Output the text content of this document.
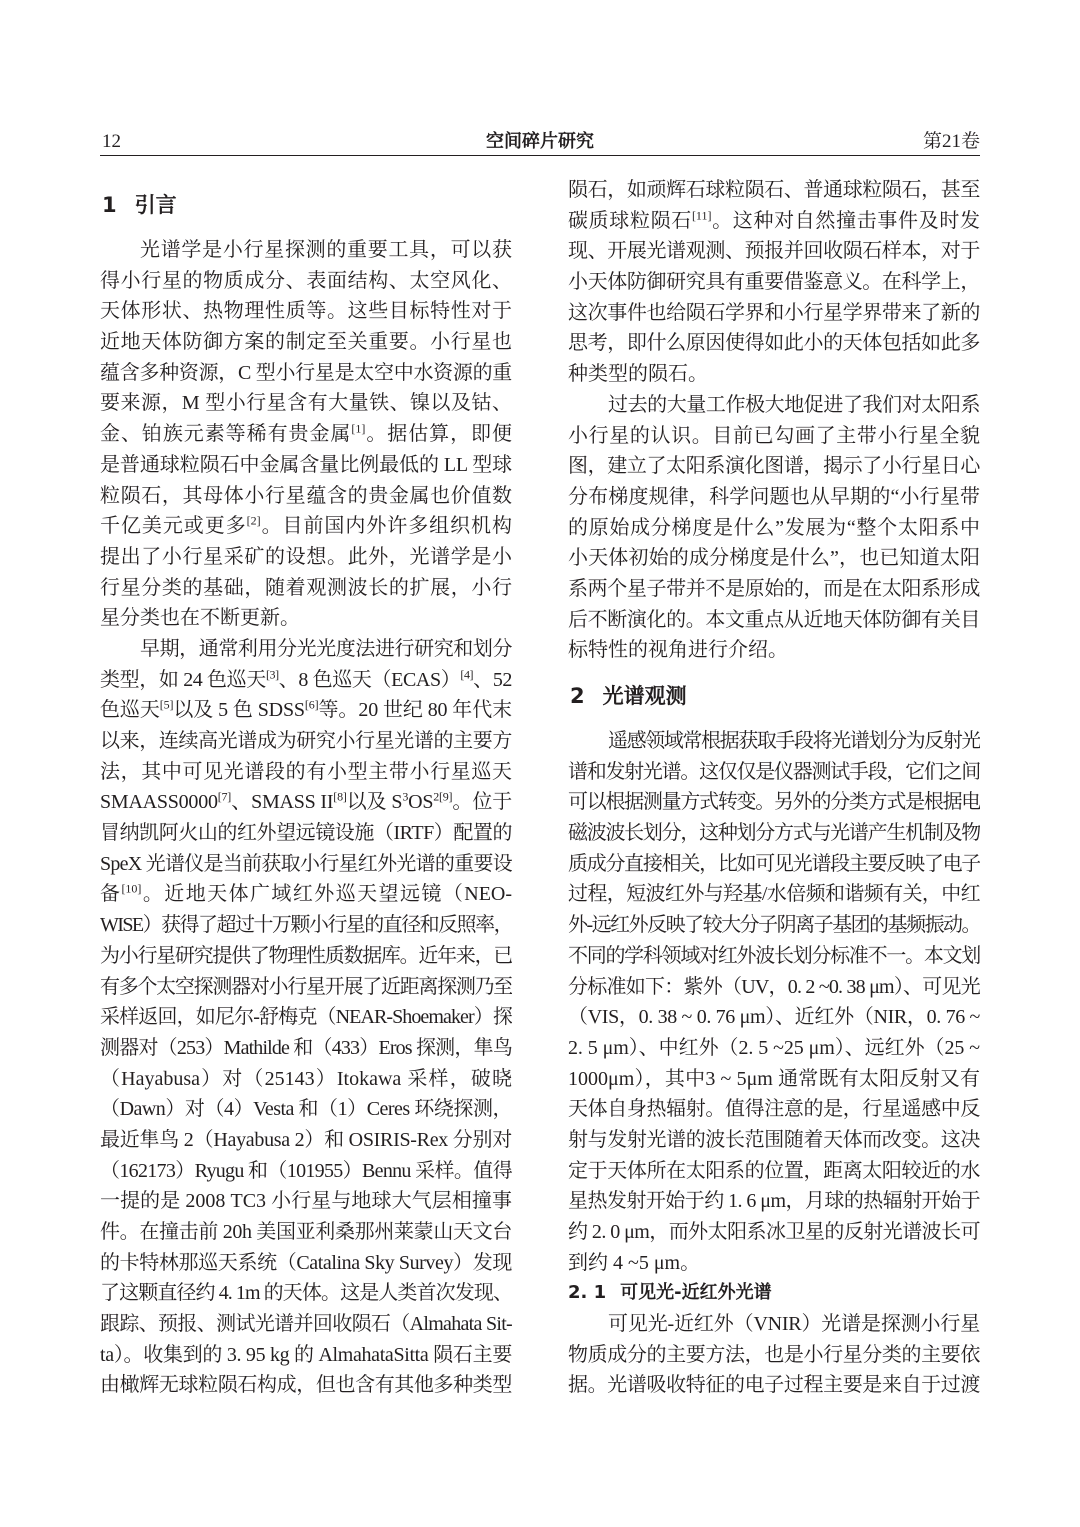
12	空间碎片研究	第21卷
1 引言
光谱学是小行星探测的重要工具，可以获
得小行星的物质成分、表面结构、太空风化、
天体形状、热物理性质等。这些目标特性对于
近地天体防御方案的制定至关重要。小行星也
蕴含多种资源，C 型小行星是太空中水资源的重
要来源，M 型小行星含有大量铁、镍以及钴、
金、铂族元素等稀有贵金属[1]。据估算，即便
是普通球粒陨石中金属含量比例最低的 LL 型球
粒陨石，其母体小行星蕴含的贵金属也价值数
千亿美元或更多[2]。目前国内外许多组织机构
提出了小行星采矿的设想。此外，光谱学是小
行星分类的基础，随着观测波长的扩展，小行
星分类也在不断更新。
早期，通常利用分光光度法进行研究和划分
类型，如 24 色巡天[3]、8 色巡天（ECAS）[4]、52
色巡天[5]以及 5 色 SDSS[6]等。20 世纪 80 年代末
以来，连续高光谱成为研究小行星光谱的主要方
法，其中可见光谱段的有小型主带小行星巡天
SMAASS0000[7]、SMASS II[8]以及 S$^3$OS$^{2[9]}$。位于
冒纳凯阿火山的红外望远镜设施（IRTF）配置的
SpeX 光谱仪是当前获取小行星红外光谱的重要设
备[10]。近地天体广域红外巡天望远镜（NEO-
WISE）获得了超过十万颗小行星的直径和反照率，
为小行星研究提供了物理性质数据库。近年来，已
有多个太空探测器对小行星开展了近距离探测乃至
采样返回，如尼尔-舒梅克（NEAR-Shoemaker）探
测器对（253）Mathilde 和（433）Eros 探测，隼鸟
（Hayabusa）对（25143）Itokawa 采样，破晓
（Dawn）对（4）Vesta 和（1）Ceres 环绕探测，
最近隼鸟 2（Hayabusa 2）和 OSIRIS-Rex 分别对
（162173）Ryugu 和（101955）Bennu 采样。值得
一提的是 2008 TC3 小行星与地球大气层相撞事
件。在撞击前 20h 美国亚利桑那州莱蒙山天文台
的卡特林那巡天系统（Catalina Sky Survey）发现
了这颗直径约 4. 1m 的天体。这是人类首次发现、
跟踪、预报、测试光谱并回收陨石（Almahata Sit-
ta）。收集到的 3. 95 kg 的 AlmahataSitta 陨石主要
由橄辉无球粒陨石构成，但也含有其他多种类型
陨石，如顽辉石球粒陨石、普通球粒陨石，甚至
碳质球粒陨石[11]。这种对自然撞击事件及时发
现、开展光谱观测、预报并回收陨石样本，对于
小天体防御研究具有重要借鉴意义。在科学上，
这次事件也给陨石学界和小行星学界带来了新的
思考，即什么原因使得如此小的天体包括如此多
种类型的陨石。
过去的大量工作极大地促进了我们对太阳系
小行星的认识。目前已勾画了主带小行星全貌
图，建立了太阳系演化图谱，揭示了小行星日心
分布梯度规律，科学问题也从早期的“小行星带
的原始成分梯度是什么”发展为“整个太阳系中
小天体初始的成分梯度是什么”，也已知道太阳
系两个星子带并不是原始的，而是在太阳系形成
后不断演化的。本文重点从近地天体防御有关目
标特性的视角进行介绍。
2 光谱观测
遥感领域常根据获取手段将光谱划分为反射光
谱和发射光谱。这仅仅是仪器测试手段，它们之间
可以根据测量方式转变。另外的分类方式是根据电
磁波波长划分，这种划分方式与光谱产生机制及物
质成分直接相关，比如可见光谱段主要反映了电子
过程，短波红外与羟基/水倍频和谐频有关，中红
外-远红外反映了较大分子阴离子基团的基频振动。
不同的学科领域对红外波长划分标准不一。本文划
分标准如下：紫外（UV，0. 2 ~0. 38 μm）、可见光
（VIS，0. 38 ~ 0. 76 μm）、近红外（NIR，0. 76 ~
2. 5 μm）、中红外（2. 5 ~25 μm）、远红外（25 ~
1000μm），其中3 ~ 5μm 通常既有太阳反射又有
天体自身热辐射。值得注意的是，行星遥感中反
射与发射光谱的波长范围随着天体而改变。这决
定于天体所在太阳系的位置，距离太阳较近的水
星热发射开始于约 1. 6 μm，月球的热辐射开始于
约 2. 0 μm，而外太阳系冰卫星的反射光谱波长可
到约 4 ~5 μm。
2. 1 可见光-近红外光谱
可见光-近红外（VNIR）光谱是探测小行星
物质成分的主要方法，也是小行星分类的主要依
据。光谱吸收特征的电子过程主要是来自于过渡
